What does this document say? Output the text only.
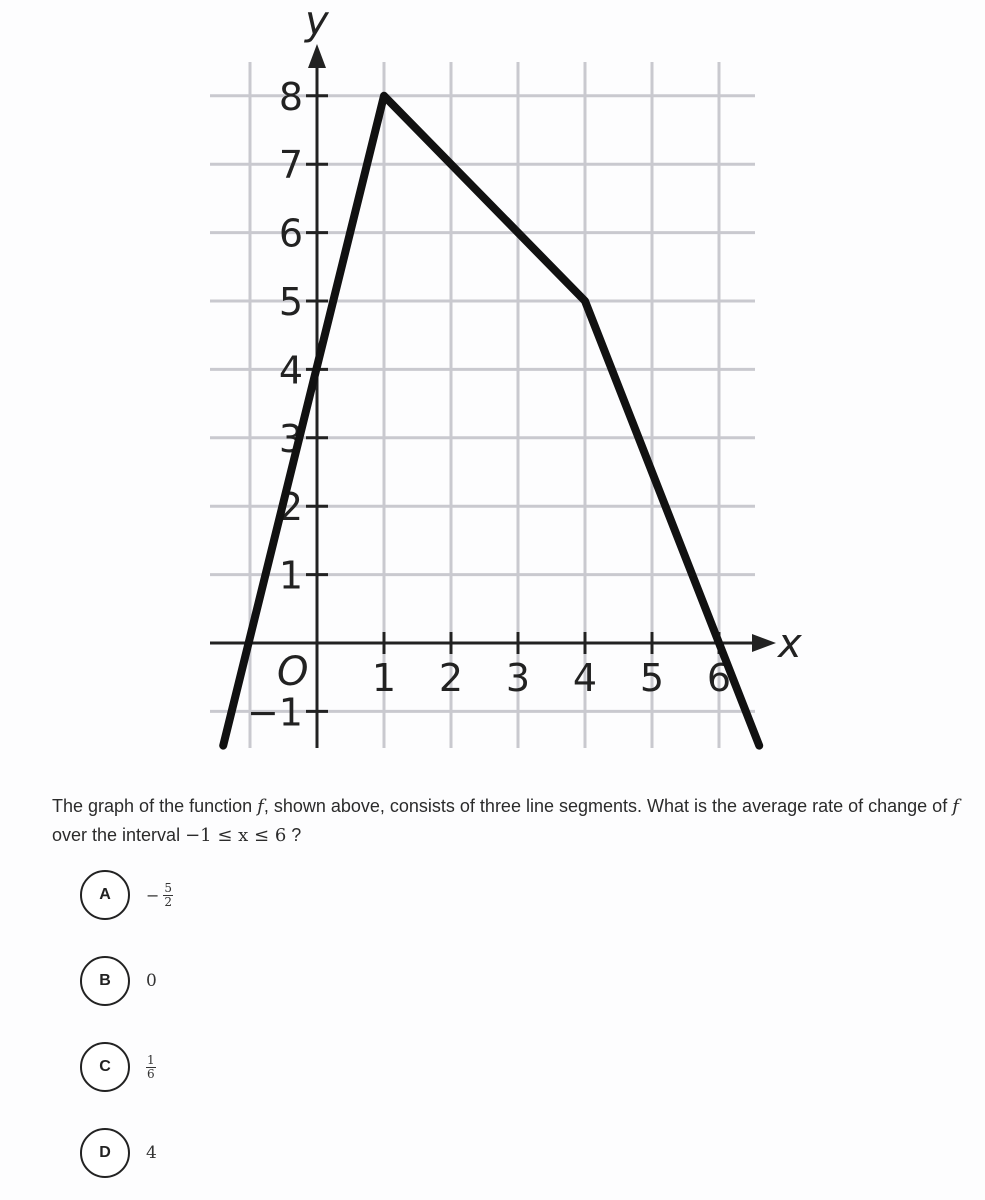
1 2 3 4 5 6
−1
1
2
3
4
5
6
7
8
O
x
y
The graph of the function f, shown above, consists of three line segments. What is the average rate of change of f over the interval −1 ≤ x ≤ 6 ?
A	− $\frac{5}{2}$
B	0
C	$\frac{1}{6}$
D	4
